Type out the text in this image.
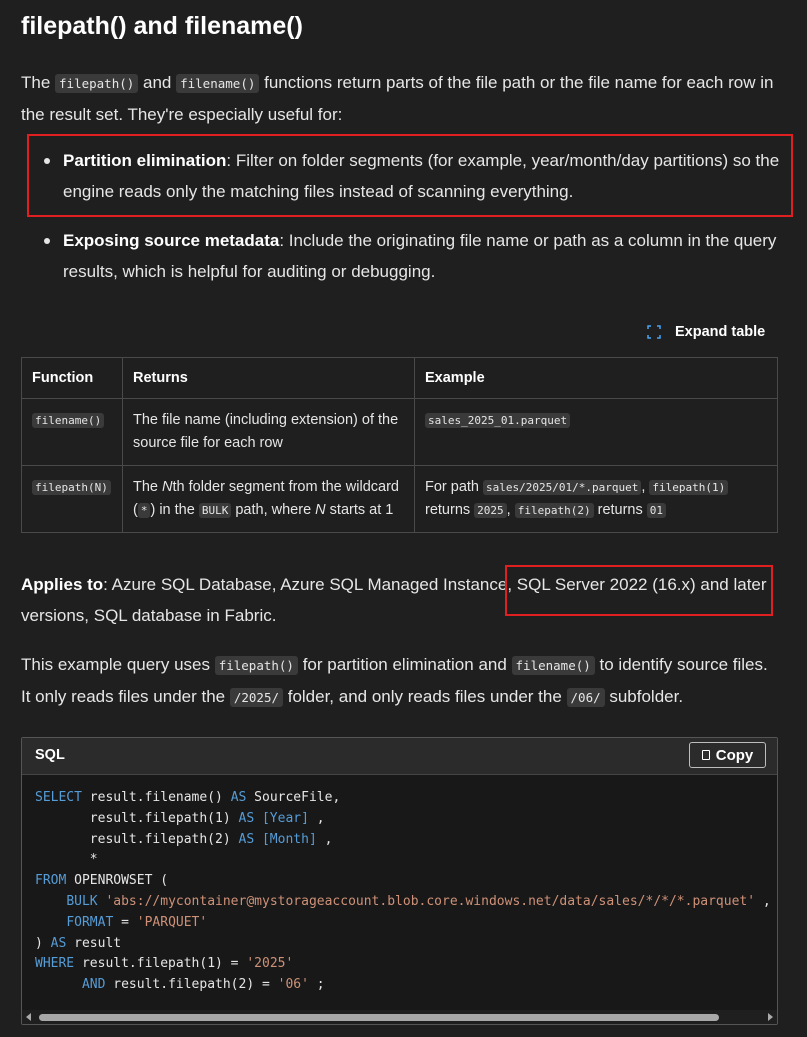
filepath() and filename()
The filepath() and filename() functions return parts of the file path or the file name for each row in the result set. They're especially useful for:
Partition elimination: Filter on folder segments (for example, year/month/day partitions) so the engine reads only the matching files instead of scanning everything.
Exposing source metadata: Include the originating file name or path as a column in the query results, which is helpful for auditing or debugging.
Expand table
Function	Returns	Example
filename()	The file name (including extension) of the source file for each row	sales_2025_01.parquet
filepath(N)	The Nth folder segment from the wildcard ( * ) in the BULK path, where N starts at 1	For path sales/2025/01/*.parquet , filepath(1) returns 2025 , filepath(2) returns 01
Applies to: Azure SQL Database, Azure SQL Managed Instance, SQL Server 2022 (16.x) and later versions, SQL database in Fabric.
This example query uses filepath() for partition elimination and filename() to identify source files. It only reads files under the /2025/ folder, and only reads files under the /06/ subfolder.
SQL	Copy
SELECT result.filename() AS SourceFile,
result.filepath(1) AS [Year] ,
result.filepath(2) AS [Month] ,
*
FROM OPENROWSET (
BULK 'abs://mycontainer@mystorageaccount.blob.core.windows.net/data/sales/*/*/*.parquet' ,
FORMAT = 'PARQUET'
) AS result
WHERE result.filepath(1) = '2025'
AND result.filepath(2) = '06' ;
